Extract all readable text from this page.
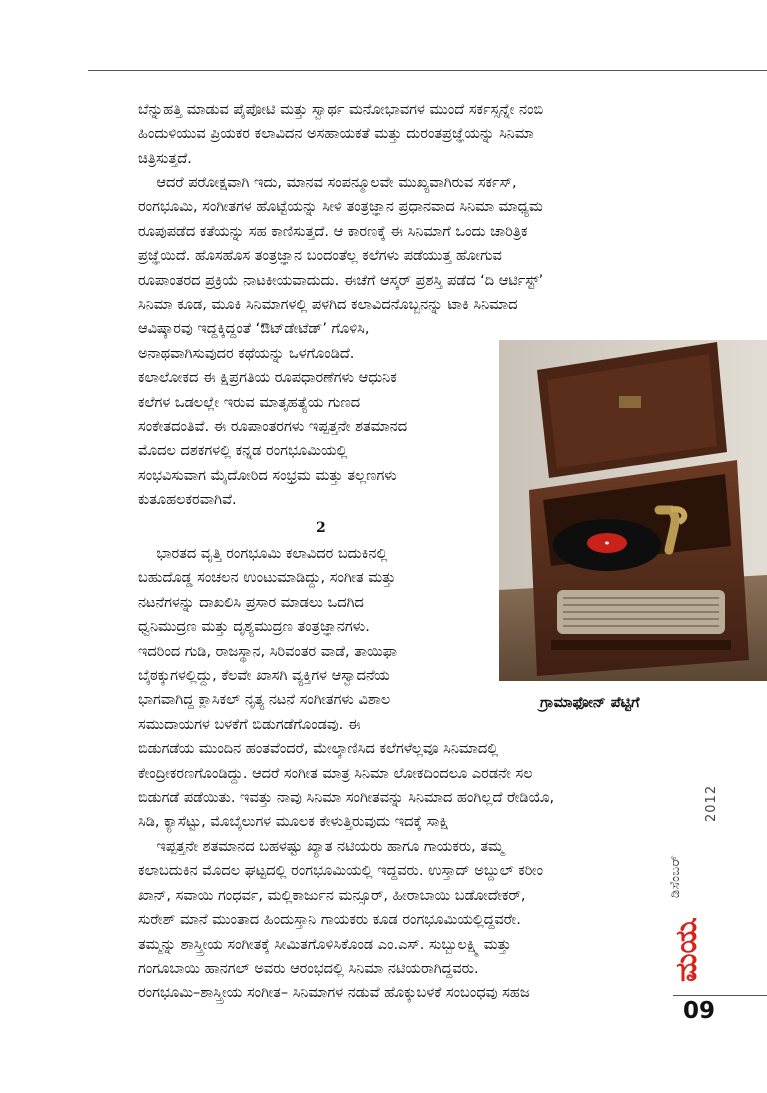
ಬೆನ್ನುಹತ್ತಿ ಮಾಡುವ ಪೈಪೋಟಿ ಮತ್ತು ಸ್ವಾರ್ಥ ಮನೋಭಾವಗಳ ಮುಂದೆ ಸರ್ಕಸ್ಸನ್ನೇ ನಂಬಿ
ಹಿಂದುಳಿಯುವ ಪ್ರಿಯಕರ ಕಲಾವಿದನ ಅಸಹಾಯಕತೆ ಮತ್ತು ದುರಂತಪ್ರಜ್ಞೆಯನ್ನು ಸಿನಿಮಾ
ಚಿತ್ರಿಸುತ್ತದೆ.
ಆದರೆ ಪರೋಕ್ಷವಾಗಿ ಇದು, ಮಾನವ ಸಂಪನ್ಮೂಲವೇ ಮುಖ್ಯವಾಗಿರುವ ಸರ್ಕಸ್,
ರಂಗಭೂಮಿ, ಸಂಗೀತಗಳ ಹೊಟ್ಟೆಯನ್ನು ಸೀಳಿ ತಂತ್ರಜ್ಞಾನ ಪ್ರಧಾನವಾದ ಸಿನಿಮಾ ಮಾಧ್ಯಮ
ರೂಪುಪಡೆದ ಕತೆಯನ್ನು ಸಹ ಕಾಣಿಸುತ್ತದೆ. ಆ ಕಾರಣಕ್ಕೆ ಈ ಸಿನಿಮಾಗೆ ಒಂದು ಚಾರಿತ್ರಿಕ
ಪ್ರಜ್ಞೆಯಿದೆ. ಹೊಸಹೊಸ ತಂತ್ರಜ್ಞಾನ ಬಂದಂತೆಲ್ಲ ಕಲೆಗಳು ಪಡೆಯುತ್ತ ಹೋಗುವ
ರೂಪಾಂತರದ ಪ್ರಕ್ರಿಯೆ ನಾಟಕೀಯವಾದುದು. ಈಚೆಗೆ ಆಸ್ಕರ್ ಪ್ರಶಸ್ತಿ ಪಡೆದ ‘ದಿ ಆರ್ಟಿಸ್ಟ್’
ಸಿನಿಮಾ ಕೂಡ, ಮೂಕಿ ಸಿನಿಮಾಗಳಲ್ಲಿ ಪಳಗಿದ ಕಲಾವಿದನೊಬ್ಬನನ್ನು ಟಾಕಿ ಸಿನಿಮಾದ
ಆವಿಷ್ಕಾರವು ಇದ್ದಕ್ಕಿದ್ದಂತೆ ‘ಔಟ್‌ಡೇಟೆಡ್’ ಗೊಳಿಸಿ,
ಅನಾಥವಾಗಿಸುವುದರ ಕಥೆಯನ್ನು ಒಳಗೊಂಡಿದೆ.
ಕಲಾಲೋಕದ ಈ ಕ್ಷಿಪ್ರಗತಿಯ ರೂಪಧಾರಣೆಗಳು ಆಧುನಿಕ
ಕಲೆಗಳ ಒಡಲಲ್ಲೇ ಇರುವ ಮಾತೃಹತ್ಯೆಯ ಗುಣದ
ಸಂಕೇತದಂತಿವೆ. ಈ ರೂಪಾಂತರಗಳು ಇಪ್ಪತ್ತನೇ ಶತಮಾನದ
ಮೊದಲ ದಶಕಗಳಲ್ಲಿ ಕನ್ನಡ ರಂಗಭೂಮಿಯಲ್ಲಿ
ಸಂಭವಿಸುವಾಗ ಮೈದೋರಿದ ಸಂಭ್ರಮ ಮತ್ತು ತಲ್ಲಣಗಳು
ಕುತೂಹಲಕರವಾಗಿವೆ.
2
ಭಾರತದ ವೃತ್ತಿ ರಂಗಭೂಮಿ ಕಲಾವಿದರ ಬದುಕಿನಲ್ಲಿ
ಬಹುದೊಡ್ಡ ಸಂಚಲನ ಉಂಟುಮಾಡಿದ್ದು, ಸಂಗೀತ ಮತ್ತು
ನಟನೆಗಳನ್ನು ದಾಖಲಿಸಿ ಪ್ರಸಾರ ಮಾಡಲು ಒದಗಿದ
ಧ್ವನಿಮುದ್ರಣ ಮತ್ತು ದೃಶ್ಯಮುದ್ರಣ ತಂತ್ರಜ್ಞಾನಗಳು.
ಇದರಿಂದ ಗುಡಿ, ರಾಜಸ್ಥಾನ, ಸಿರಿವಂತರ ವಾಡೆ, ತಾಯಿಫಾ
ಬೈಠಕ್ಕುಗಳಲ್ಲಿದ್ದು, ಕೆಲವೇ ಖಾಸಗಿ ವ್ಯಕ್ತಿಗಳ ಆಸ್ವಾದನೆಯ
ಭಾಗವಾಗಿದ್ದ ಕ್ಲಾಸಿಕಲ್ ನೃತ್ಯ ನಟನೆ ಸಂಗೀತಗಳು ವಿಶಾಲ
ಸಮುದಾಯಗಳ ಬಳಕೆಗೆ ಬಿಡುಗಡೆಗೊಂಡವು. ಈ
ಬಿಡುಗಡೆಯ ಮುಂದಿನ ಹಂತವೆಂದರೆ, ಮೇಲ್ಕಾಣಿಸಿದ ಕಲೆಗಳೆಲ್ಲವೂ ಸಿನಿಮಾದಲ್ಲಿ
ಕೇಂದ್ರೀಕರಣಗೊಂಡಿದ್ದು. ಆದರೆ ಸಂಗೀತ ಮಾತ್ರ ಸಿನಿಮಾ ಲೋಕದಿಂದಲೂ ಎರಡನೇ ಸಲ
ಬಿಡುಗಡೆ ಪಡೆಯಿತು. ಇವತ್ತು ನಾವು ಸಿನಿಮಾ ಸಂಗೀತವನ್ನು ಸಿನಿಮಾದ ಹಂಗಿಲ್ಲದೆ ರೇಡಿಯೊ,
ಸಿಡಿ, ಕ್ಯಾಸೆಟ್ಟು, ಮೊಬೈಲುಗಳ ಮೂಲಕ ಕೇಳುತ್ತಿರುವುದು ಇದಕ್ಕೆ ಸಾಕ್ಷಿ
ಇಪ್ಪತ್ತನೇ ಶತಮಾನದ ಬಹಳಷ್ಟು ಖ್ಯಾತ ನಟಿಯರು ಹಾಗೂ ಗಾಯಕರು, ತಮ್ಮ
ಕಲಾಬದುಕಿನ ಮೊದಲ ಘಟ್ಟದಲ್ಲಿ ರಂಗಭೂಮಿಯಲ್ಲಿ ಇದ್ದವರು. ಉಸ್ತಾದ್ ಅಬ್ದುಲ್ ಕರೀಂ
ಖಾನ್, ಸವಾಯಿ ಗಂಧರ್ವ, ಮಲ್ಲಿಕಾರ್ಜುನ ಮನ್ಸೂರ್, ಹೀರಾಬಾಯಿ ಬಡೋದೇಕರ್,
ಸುರೇಶ್ ಮಾನೆ ಮುಂತಾದ ಹಿಂದುಸ್ತಾನಿ ಗಾಯಕರು ಕೂಡ ರಂಗಭೂಮಿಯಲ್ಲಿದ್ದವರೇ.
ತಮ್ಮನ್ನು ಶಾಸ್ತ್ರೀಯ ಸಂಗೀತಕ್ಕೆ ಸೀಮಿತಗೊಳಿಸಿಕೊಂಡ ಎಂ.ಎಸ್. ಸುಬ್ಬುಲಕ್ಷ್ಮಿ ಮತ್ತು
ಗಂಗೂಬಾಯಿ ಹಾನಗಲ್ ಅವರು ಆರಂಭದಲ್ಲಿ ಸಿನಿಮಾ ನಟಿಯರಾಗಿದ್ದವರು.
ರಂಗಭೂಮಿ–ಶಾಸ್ತ್ರೀಯ ಸಂಗೀತ– ಸಿನಿಮಾಗಳ ನಡುವೆ ಹೊಕ್ಕುಬಳಕೆ ಸಂಬಂಧವು ಸಹಜ
ಗ್ರಾಮಾಫೋನ್ ಪೆಟ್ಟಿಗೆ
2012
ಡಿಸೆಂಬರ್
ಮಯೂರ
09
